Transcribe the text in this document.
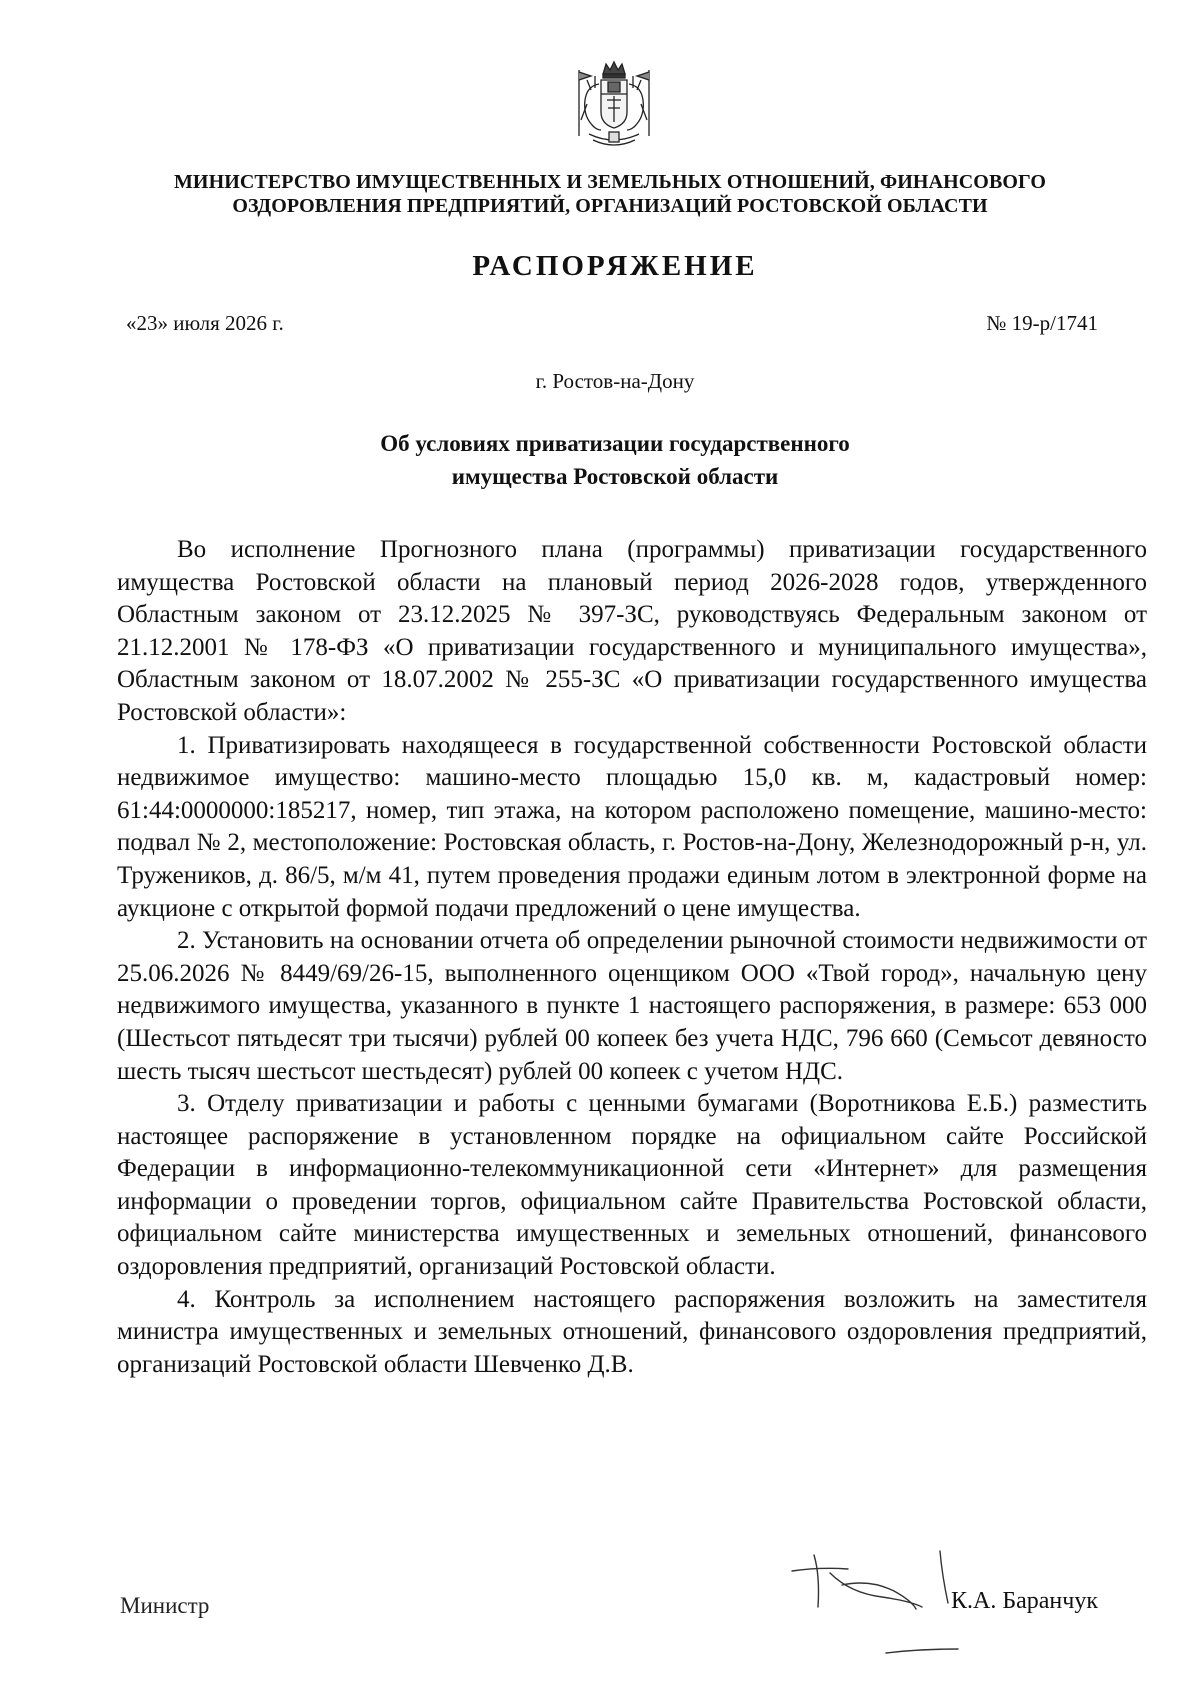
МИНИСТЕРСТВО ИМУЩЕСТВЕННЫХ И ЗЕМЕЛЬНЫХ ОТНОШЕНИЙ, ФИНАНСОВОГО
ОЗДОРОВЛЕНИЯ ПРЕДПРИЯТИЙ, ОРГАНИЗАЦИЙ РОСТОВСКОЙ ОБЛАСТИ
РАСПОРЯЖЕНИЕ
«23» июля 2026 г.	№ 19-р/1741
г. Ростов-на-Дону
Об условиях приватизации государственного
имущества Ростовской области

Во исполнение Прогнозного плана (программы) приватизации государственного имущества Ростовской области на плановый период 2026-2028 годов, утвержденного Областным законом от 23.12.2025 № 397-ЗС, руководствуясь Федеральным законом от 21.12.2001 № 178-ФЗ «О приватизации государственного и муниципального имущества», Областным законом от 18.07.2002 № 255-ЗС «О приватизации государственного имущества Ростовской области»:

1. Приватизировать находящееся в государственной собственности Ростовской области недвижимое имущество: машино-место площадью 15,0 кв. м, кадастровый номер: 61:44:0000000:185217, номер, тип этажа, на котором расположено помещение, машино-место: подвал № 2, местоположение: Ростовская область, г. Ростов-на-Дону, Железнодорожный р-н, ул. Тружеников, д. 86/5, м/м 41, путем проведения продажи единым лотом в электронной форме на аукционе с открытой формой подачи предложений о цене имущества.

2. Установить на основании отчета об определении рыночной стоимости недвижимости от 25.06.2026 № 8449/69/26-15, выполненного оценщиком ООО «Твой город», начальную цену недвижимого имущества, указанного в пункте 1 настоящего распоряжения, в размере: 653 000 (Шестьсот пятьдесят три тысячи) рублей 00 копеек без учета НДС, 796 660 (Семьсот девяносто шесть тысяч шестьсот шестьдесят) рублей 00 копеек с учетом НДС.

3. Отделу приватизации и работы с ценными бумагами (Воротникова Е.Б.) разместить настоящее распоряжение в установленном порядке на официальном сайте Российской Федерации в информационно-телекоммуникационной сети «Интернет» для размещения информации о проведении торгов, официальном сайте Правительства Ростовской области, официальном сайте министерства имущественных и земельных отношений, финансового оздоровления предприятий, организаций Ростовской области.

4. Контроль за исполнением настоящего распоряжения возложить на заместителя министра имущественных и земельных отношений, финансового оздоровления предприятий, организаций Ростовской области Шевченко Д.В.

Министр	К.А. Баранчук
